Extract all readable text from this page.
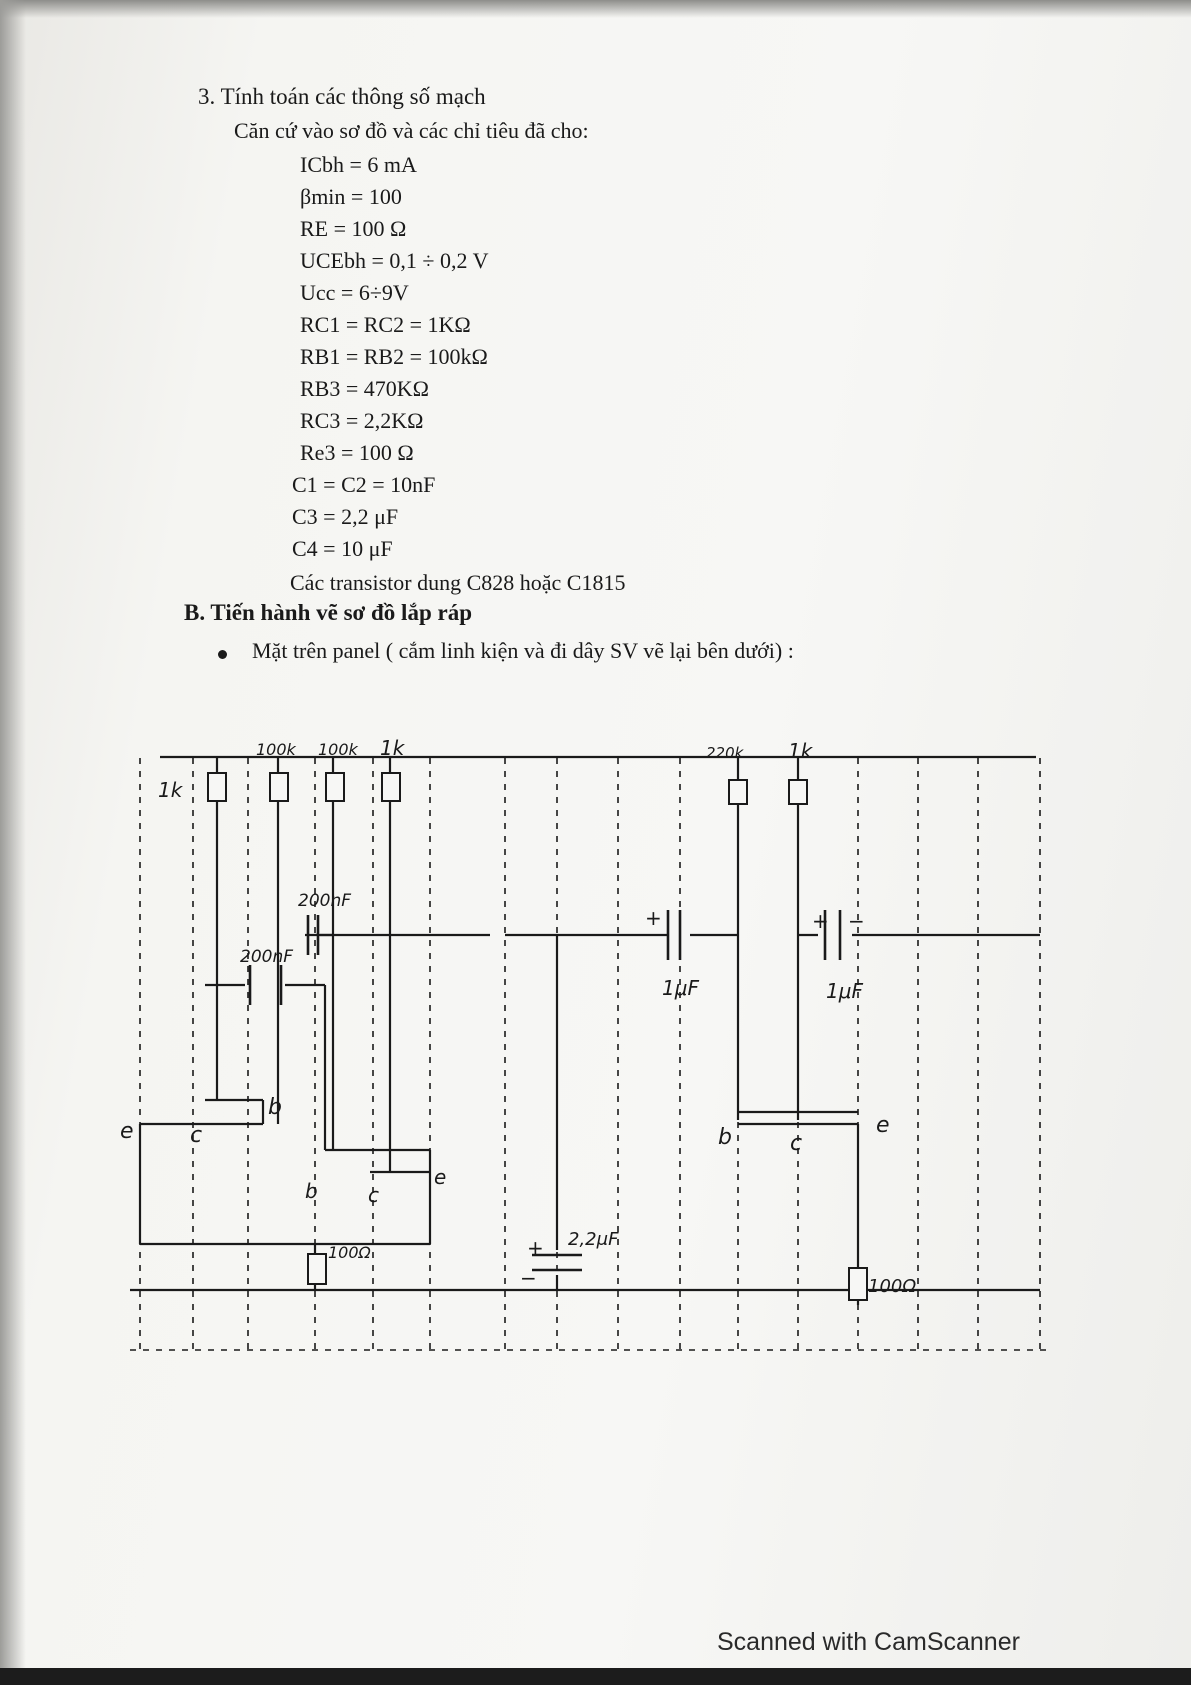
3. Tính toán các thông số mạch
Căn cứ vào sơ đồ và các chỉ tiêu đã cho:
ICbh = 6 mA
βmin = 100
RE = 100 Ω
UCEbh = 0,1 ÷ 0,2 V
Ucc = 6÷9V
RC1 = RC2 = 1KΩ
RB1 = RB2 = 100kΩ
RB3 = 470KΩ
RC3 = 2,2KΩ
Re3 = 100 Ω
C1 = C2 = 10nF
C3 = 2,2 μF
C4 = 10 μF
Các transistor dung C828 hoặc C1815
B. Tiến hành vẽ sơ đồ lắp ráp
Mặt trên panel ( cắm linh kiện và đi dây SV vẽ lại bên dưới) :
1k
100k 100k 1k	220k 1k
200nF
200nF
1μF	1μF
2,2μF
+	+ −
+
−
e	c
b
b	c
e
b	c
e
100Ω
100Ω
Scanned with CamScanner
